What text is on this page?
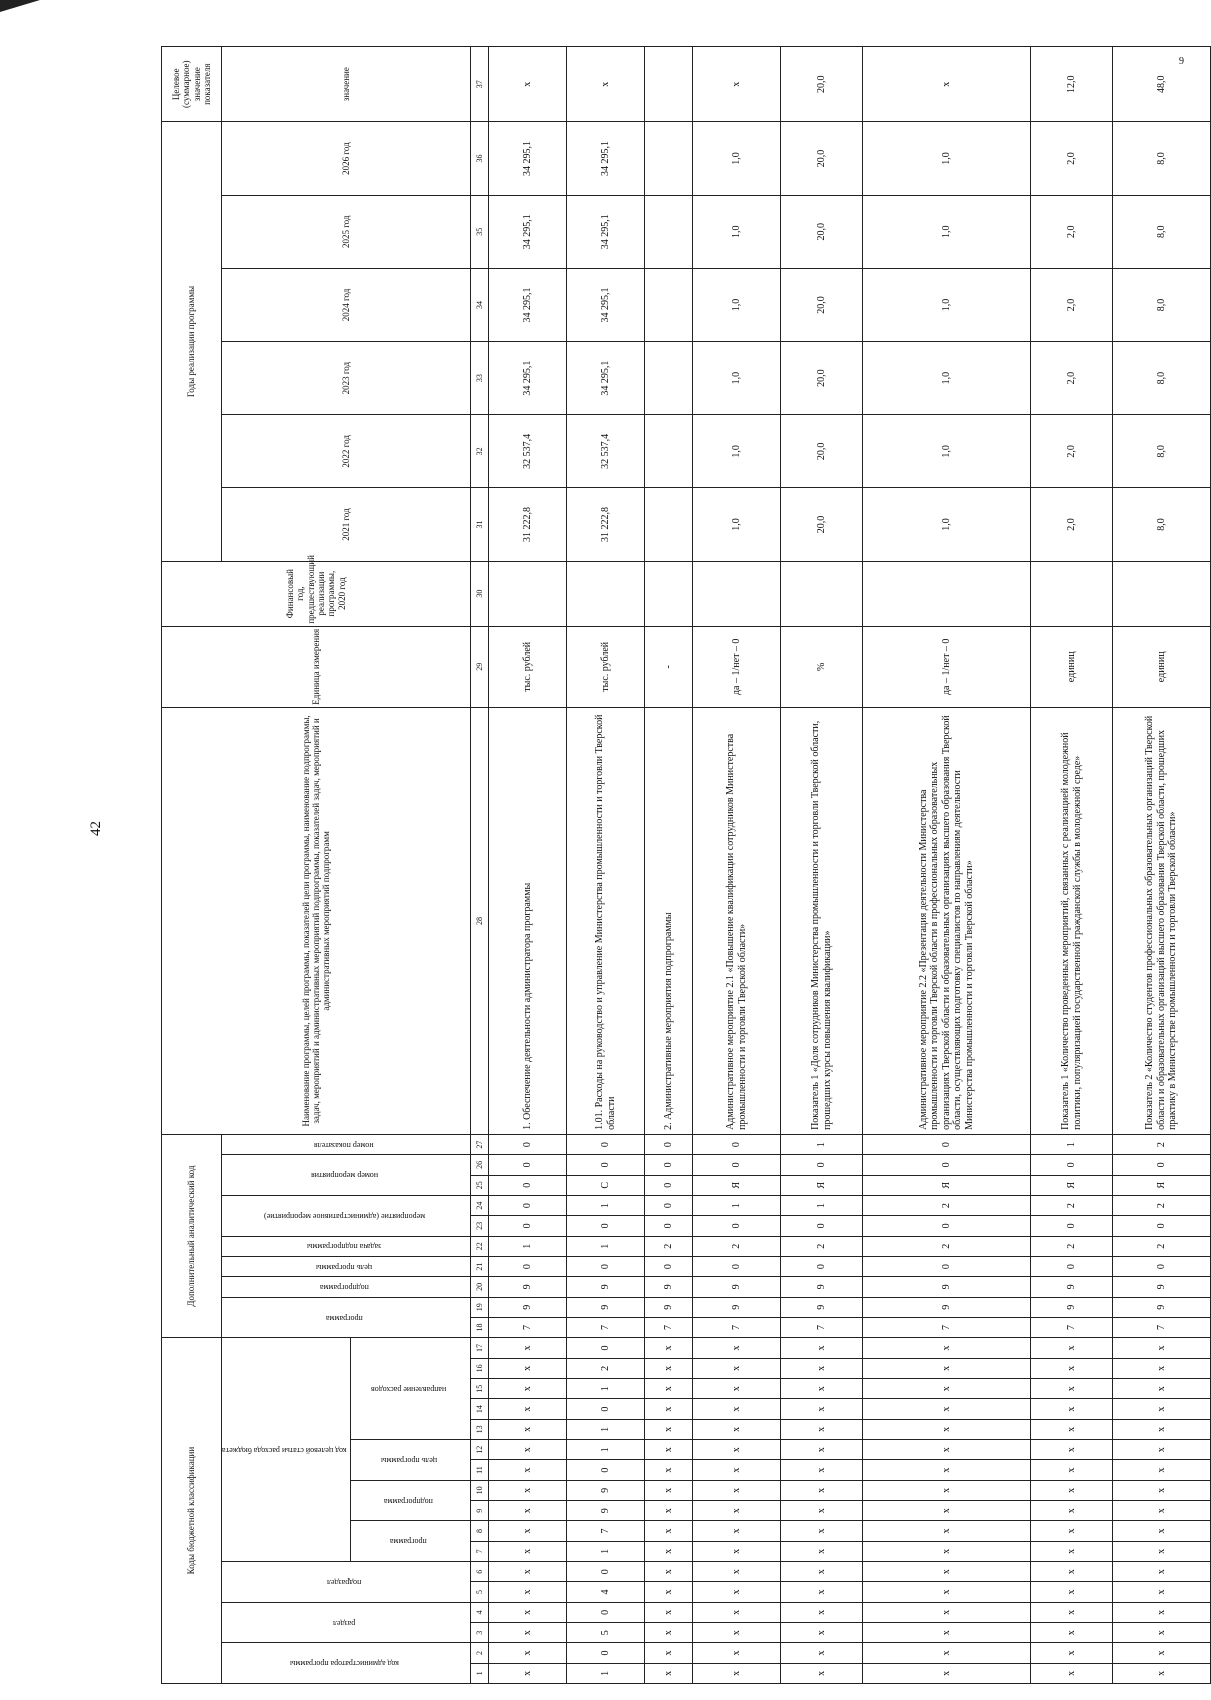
42
9
Коды бюджетной классификации																	Дополнительный аналитический код										Наименование программы, целей программы, показателей цели программы, наименование подпрограммы, задач, мероприятий и административных мероприятий подпрограммы, показателей задач, мероприятий и административных мероприятий подпрограмм	Единица измерения	Финансовый год, предшествующий реализации программы, 2020 год	Годы реализации программы						Целевое (суммарное) значение показателя
код администратора программы		раздел		подраздел		код целевой статьи расхода бюджета											программа		подпрограмма	цель программы	задача подпрограммы	мероприятие (административное мероприятие)		номер мероприятия		номер показателя				2021 год	2022 год	2023 год	2024 год	2025 год	2026 год	значение
						программа		подпрограмма		цель программы		направление расходов																								
1	2	3	4	5	6	7	8	9	10	11	12	13	14	15	16	17	18	19	20	21	22	23	24	25	26	27	28	29	30	31	32	33	34	35	36	37
х	х	х	х	х	х	х	х	х	х	х	х	х	х	х	х	х	7	9	9	0	1	0	0	0	0	0	1. Обеспечение деятельности администратора программы	тыс. рублей		31 222,8	32 537,4	34 295,1	34 295,1	34 295,1	34 295,1	х
1	0	5	0	4	0	1	7	9	9	0	1	1	0	1	2	0	7	9	9	0	1	0	1	С	0	0	1.01. Расходы на руководство и управление Министерства промышленности и торговли Тверской области	тыс. рублей		31 222,8	32 537,4	34 295,1	34 295,1	34 295,1	34 295,1	х
х	х	х	х	х	х	х	х	х	х	х	х	х	х	х	х	х	7	9	9	0	2	0	0	0	0	0	2. Административные мероприятия подпрограммы	-								
х	х	х	х	х	х	х	х	х	х	х	х	х	х	х	х	х	7	9	9	0	2	0	1	Я	0	0	Административное мероприятие 2.1 «Повышение квалификации сотрудников Министерства промышленности и торговли Тверской области»	да – 1/нет – 0		1,0	1,0	1,0	1,0	1,0	1,0	х
х	х	х	х	х	х	х	х	х	х	х	х	х	х	х	х	х	7	9	9	0	2	0	1	Я	0	1	Показатель 1 «Доля сотрудников Министерства промышленности и торговли Тверской области, прошедших курсы повышения квалификации»	%		20,0	20,0	20,0	20,0	20,0	20,0	20,0
х	х	х	х	х	х	х	х	х	х	х	х	х	х	х	х	х	7	9	9	0	2	0	2	Я	0	0	Административное мероприятие 2.2 «Презентация деятельности Министерства промышленности и торговли Тверской области в профессиональных образовательных организациях Тверской области и образовательных организациях высшего образования Тверской области, осуществляющих подготовку специалистов по направлениям деятельности Министерства промышленности и торговли Тверской области»	да – 1/нет – 0		1,0	1,0	1,0	1,0	1,0	1,0	х
х	х	х	х	х	х	х	х	х	х	х	х	х	х	х	х	х	7	9	9	0	2	0	2	Я	0	1	Показатель 1 «Количество проведенных мероприятий, связанных с реализацией молодежной политики, популяризацией государственной гражданской службы в молодежной среде»	единиц		2,0	2,0	2,0	2,0	2,0	2,0	12,0
х	х	х	х	х	х	х	х	х	х	х	х	х	х	х	х	х	7	9	9	0	2	0	2	Я	0	2	Показатель 2 «Количество студентов профессиональных образовательных организаций Тверской области и образовательных организаций высшего образования Тверской области, прошедших практику в Министерстве промышленности и торговли Тверской области»	единиц		8,0	8,0	8,0	8,0	8,0	8,0	48,0
